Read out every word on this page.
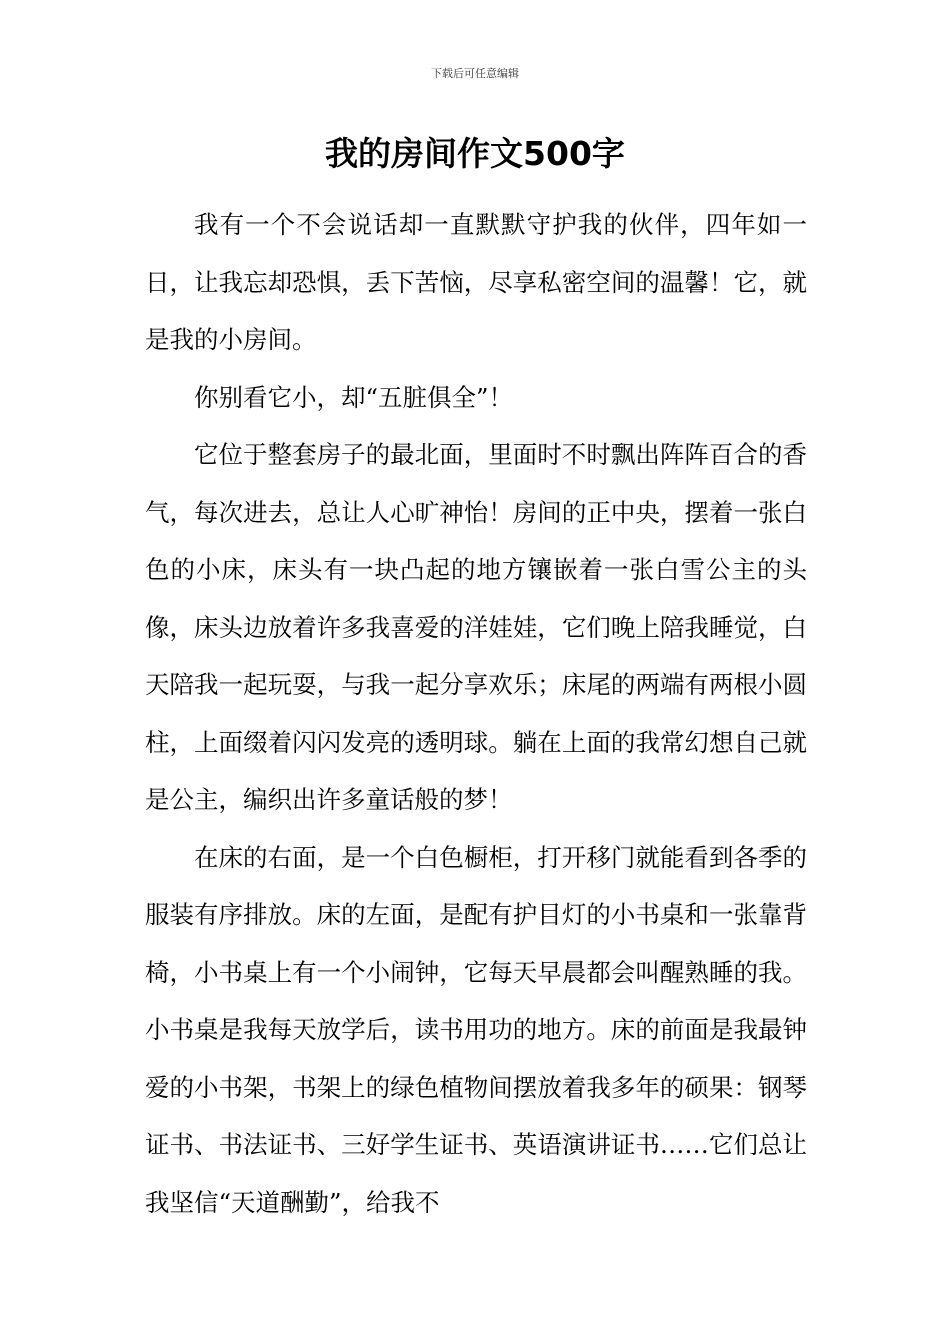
下载后可任意编辑
我的房间作文500字

我有一个不会说话却一直默默守护我的伙伴，四年如一日，让我忘却恐惧，丢下苦恼，尽享私密空间的温馨！它，就是我的小房间。

你别看它小，却“五脏俱全”！

它位于整套房子的最北面，里面时不时飘出阵阵百合的香气，每次进去，总让人心旷神怡！房间的正中央，摆着一张白色的小床，床头有一块凸起的地方镶嵌着一张白雪公主的头像，床头边放着许多我喜爱的洋娃娃，它们晚上陪我睡觉，白天陪我一起玩耍，与我一起分享欢乐；床尾的两端有两根小圆柱，上面缀着闪闪发亮的透明球。躺在上面的我常幻想自己就是公主，编织出许多童话般的梦！

在床的右面，是一个白色橱柜，打开移门就能看到各季的服装有序排放。床的左面，是配有护目灯的小书桌和一张靠背椅，小书桌上有一个小闹钟，它每天早晨都会叫醒熟睡的我。小书桌是我每天放学后，读书用功的地方。床的前面是我最钟爱的小书架，书架上的绿色植物间摆放着我多年的硕果：钢琴证书、书法证书、三好学生证书、英语演讲证书……它们总让我坚信“天道酬勤”，给我不
